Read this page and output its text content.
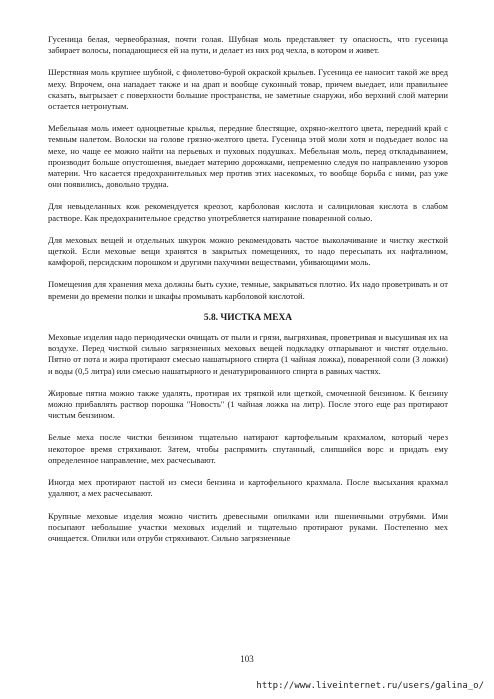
Гусеница белая, червеобразная, почти голая. Шубная моль представляет ту опасность, что гусеница забирает волосы, попадающиеся ей на пути, и делает из них род чехла, в котором и живет.

Шерстяная моль крупнее шубной, с фиолетово-бурой окраской крыльев. Гусеница ее наносит такой же вред меху. Впрочем, она нападает также и на драп и вообще суконный товар, причем выедает, или правильнее сказать, выгрызает с поверхности большие пространства, не заметные снаружи, ибо верхний слой материи остается нетронутым.

Мебельная моль имеет одноцветные крылья, передние блестящие, охряно-желтого цвета, передний край с темным налетом. Волоски на голове грязно-желтого цвета. Гусеница этой моли хотя и подъедает волос на мехе, но чаще ее можно найти на перьевых и пуховых подушках. Мебельная моль, перед откладыванием, производит больше опустошения, выедает материю дорожками, непременно следуя по направлению узоров материи. Что касается предохранительных мер против этих насекомых, то вообще борьба с ними, раз уже они появились, довольно трудна.

Для невыделанных кож рекомендуется креозот, карболовая кислота и салициловая кислота в слабом растворе. Как предохранительное средство употребляется натирание поваренной солью.

Для меховых вещей и отдельных шкурок можно рекомендовать частое выколачивание и чистку жесткой щеткой. Если меховые вещи хранятся в закрытых помещениях, то надо пересыпать их нафталином, камфорой, персидским порошком и другими пахучими веществами, убивающими моль.

Помещения для хранения меха должны быть сухие, темные, закрываться плотно. Их надо проветривать и от времени до времени полки и шкафы промывать карболовой кислотой.

5.8. ЧИСТКА МЕХА

Меховые изделия надо периодически очищать от пыли и грязи, выгряхивая, проветривая и высушивая их на воздухе. Перед чисткой сильно загрязненных меховых вещей подкладку отпарывают и чистят отдельно. Пятно от пота и жира протирают смесью нашатырного спирта (1 чайная ложка), поваренной соли (3 ложки) и воды (0,5 литра) или смесью нашатырного и денатурированного спирта в равных частях.

Жировые пятна можно также удалять, протирая их тряпкой или щеткой, смоченной бензином. К бензину можно прибавлять раствор порошка "Новость" (1 чайная ложка на литр). После этого еще раз протирают чистым бензином.

Белые меха после чистки бензином тщательно натирают картофельным крахмалом, который через некоторое время стряхивают. Затем, чтобы распрямить спутанный, слипшийся ворс и придать ему определенное направление, мех расчесывают.

Иногда мех протирают пастой из смеси бензина и картофельного крахмала. После высыхания крахмал удаляют, а мех расчесывают.

Крупные меховые изделия можно чистить древесными опилками или пшеничными отрубями. Ими посыпают небольшие участки меховых изделий и тщательно протирают руками. Постепенно мех очищается. Опилки или отруби стряхивают. Сильно загрязненные

103
http://www.liveinternet.ru/users/galina_o/
